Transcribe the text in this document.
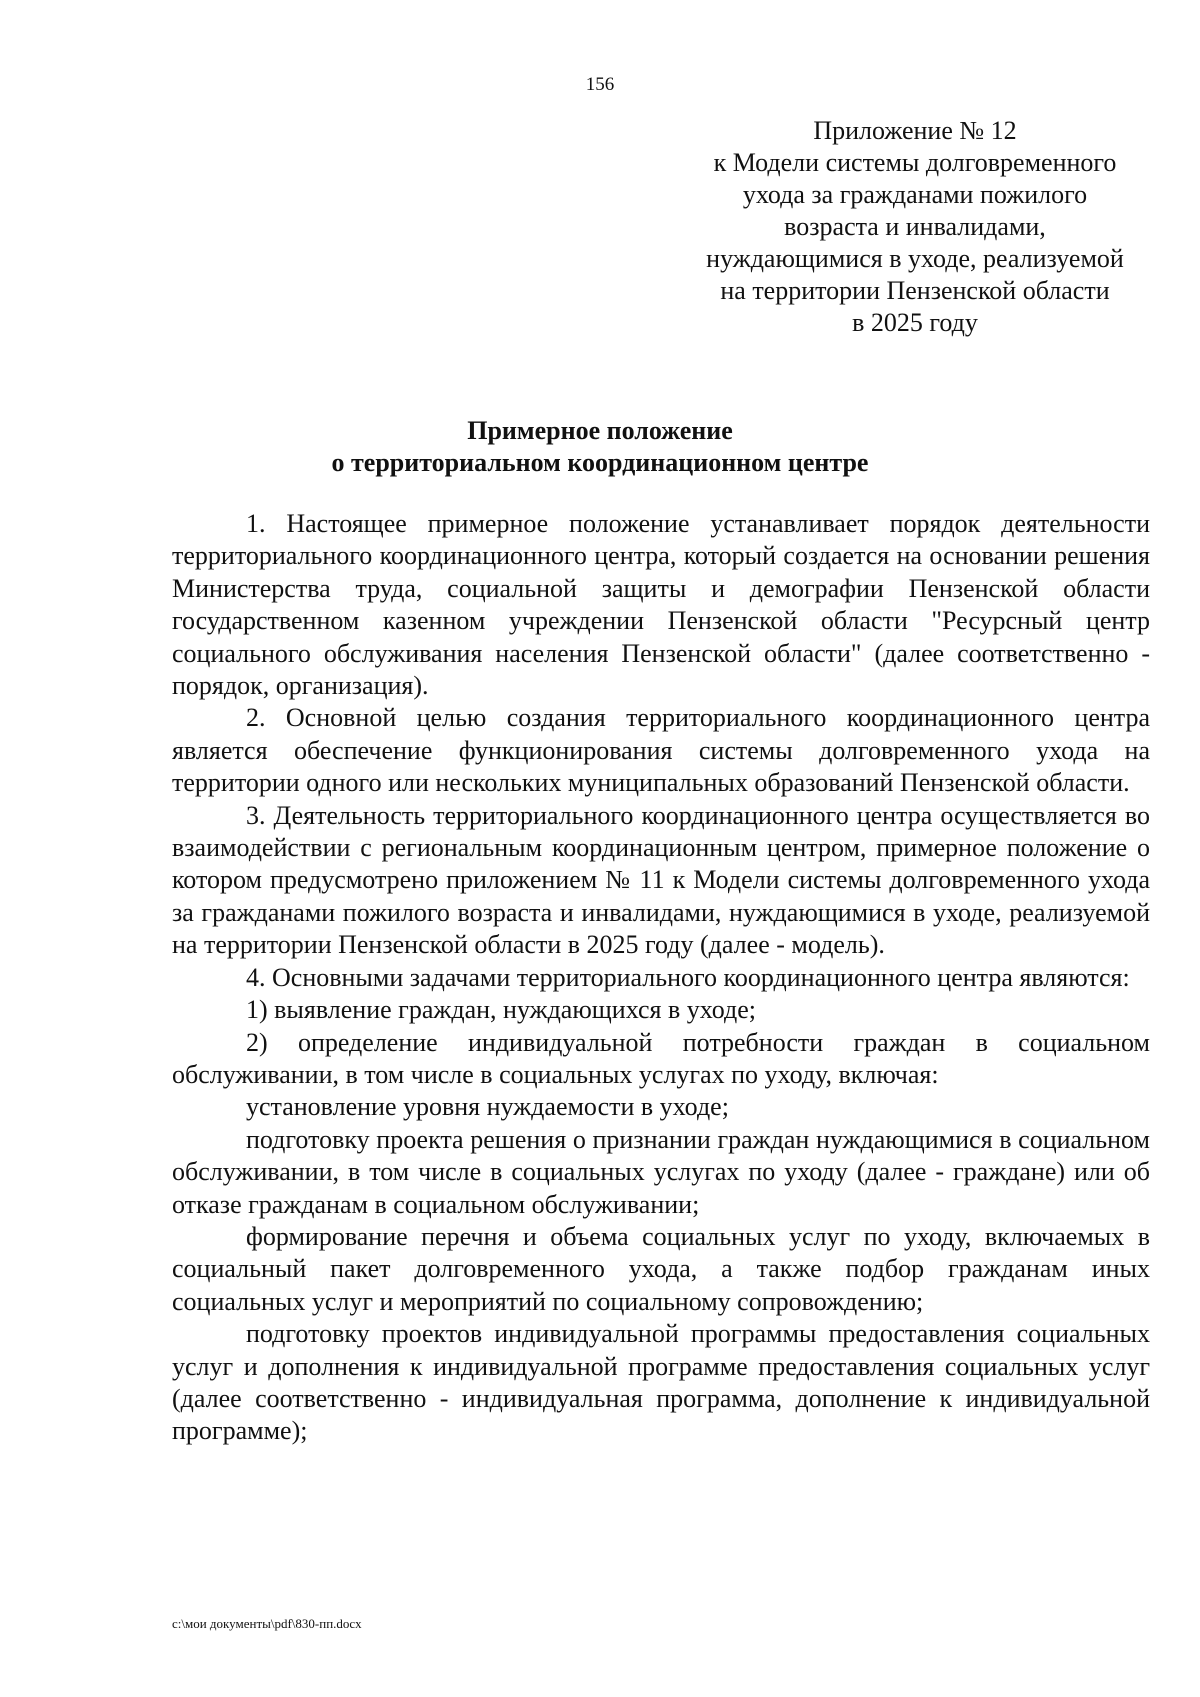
156
Приложение № 12
к Модели системы долговременного
ухода за гражданами пожилого
возраста и инвалидами,
нуждающимися в уходе, реализуемой
на территории Пензенской области
в 2025 году
Примерное положение
о территориальном координационном центре

1. Настоящее примерное положение устанавливает порядок деятельности территориального координационного центра, который создается на основании решения Министерства труда, социальной защиты и демографии Пензенской области государственном казенном учреждении Пензенской области "Ресурсный центр социального обслуживания населения Пензенской области" (далее соответственно - порядок, организация).

2. Основной целью создания территориального координационного центра является обеспечение функционирования системы долговременного ухода на территории одного или нескольких муниципальных образований Пензенской области.

3. Деятельность территориального координационного центра осуществляется во взаимодействии с региональным координационным центром, примерное положение о котором предусмотрено приложением № 11 к Модели системы долговременного ухода за гражданами пожилого возраста и инвалидами, нуждающимися в уходе, реализуемой на территории Пензенской области в 2025 году (далее - модель).

4. Основными задачами территориального координационного центра являются:

1) выявление граждан, нуждающихся в уходе;

2) определение индивидуальной потребности граждан в социальном обслуживании, в том числе в социальных услугах по уходу, включая:

установление уровня нуждаемости в уходе;

подготовку проекта решения о признании граждан нуждающимися в социальном обслуживании, в том числе в социальных услугах по уходу (далее - граждане) или об отказе гражданам в социальном обслуживании;

формирование перечня и объема социальных услуг по уходу, включаемых в социальный пакет долговременного ухода, а также подбор гражданам иных социальных услуг и мероприятий по социальному сопровождению;

подготовку проектов индивидуальной программы предоставления социальных услуг и дополнения к индивидуальной программе предоставления социальных услуг (далее соответственно - индивидуальная программа, дополнение к индивидуальной программе);

c:\мои документы\pdf\830-пп.docx
